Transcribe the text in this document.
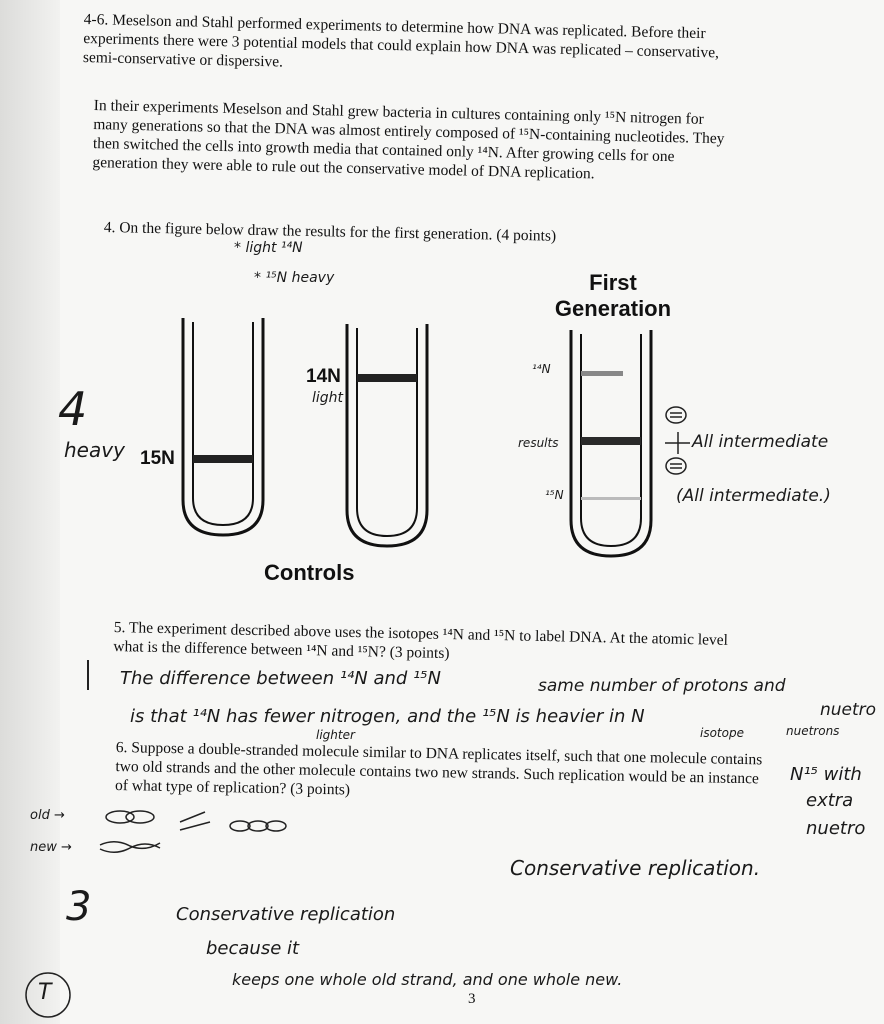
4-6. Meselson and Stahl performed experiments to determine how DNA was replicated. Before their experiments there were 3 potential models that could explain how DNA was replicated – conservative, semi-conservative or dispersive.
In their experiments Meselson and Stahl grew bacteria in cultures containing only ¹⁵N nitrogen for many generations so that the DNA was almost entirely composed of ¹⁵N-containing nucleotides. They then switched the cells into growth media that contained only ¹⁴N. After growing cells for one generation they were able to rule out the conservative model of DNA replication.
4. On the figure below draw the results for the first generation. (4 points)
* light ¹⁴N
* ¹⁵N heavy	First
Generation
14N
15N
Controls
4
heavy
light
¹⁴N
results
¹⁵N
All intermediate
(All intermediate.)
5. The experiment described above uses the isotopes ¹⁴N and ¹⁵N to label DNA. At the atomic level what is the difference between ¹⁴N and ¹⁵N? (3 points)
The difference between ¹⁴N and ¹⁵N
is that ¹⁴N has fewer nitrogen, and the ¹⁵N is heavier in N
lighter	isotope	nuetrons
same number of protons and
nuetro
6. Suppose a double-stranded molecule similar to DNA replicates itself, such that one molecule contains two old strands and the other molecule contains two new strands. Such replication would be an instance of what type of replication? (3 points)
old →
new →
N¹⁵ with
extra
nuetro
Conservative replication.
3	Conservative replication
because it
keeps one whole old strand, and one whole new.
T	3
